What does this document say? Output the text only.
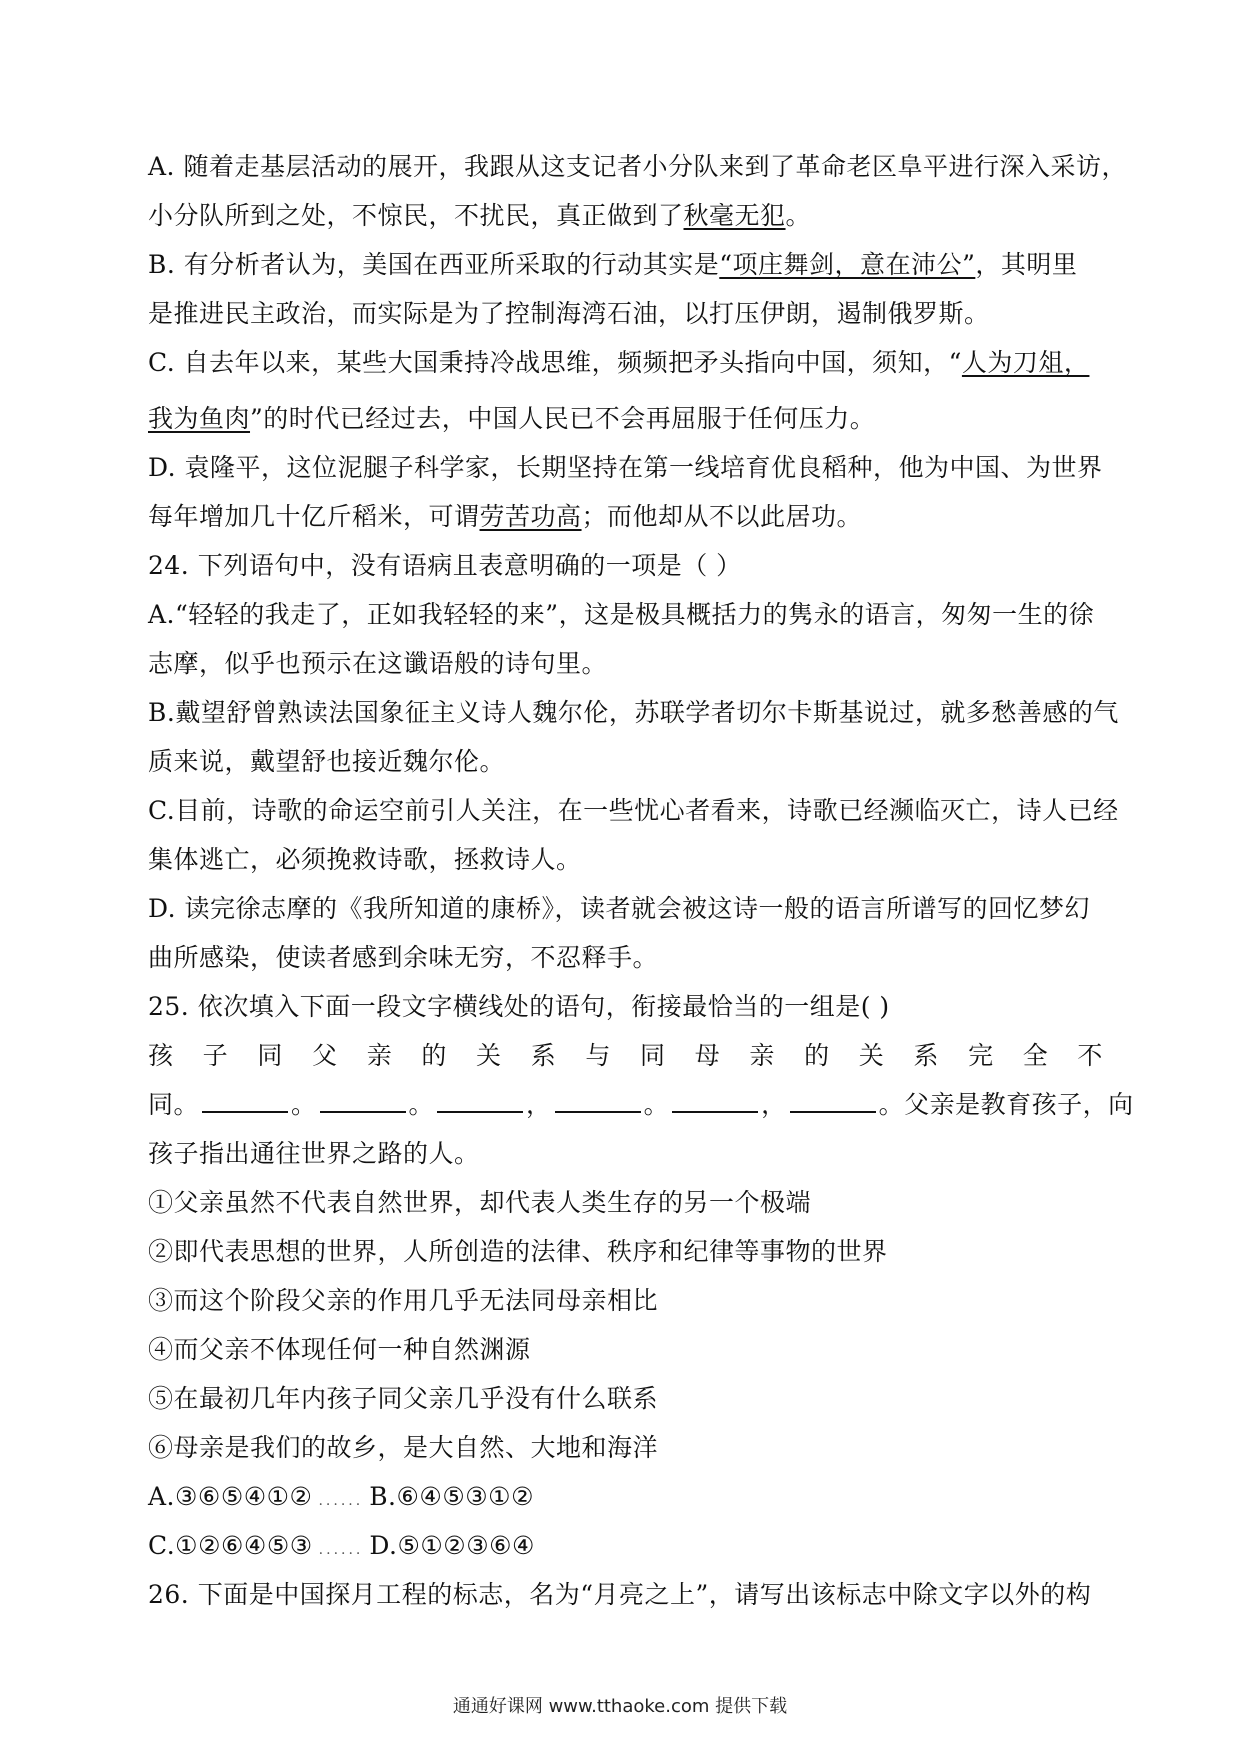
A. 随着走基层活动的展开，我跟从这支记者小分队来到了革命老区阜平进行深入采访，

小分队所到之处，不惊民，不扰民，真正做到了秋毫无犯。

B. 有分析者认为，美国在西亚所采取的行动其实是“项庄舞剑，意在沛公”，其明里

是推进民主政治，而实际是为了控制海湾石油，以打压伊朗，遏制俄罗斯。

C. 自去年以来，某些大国秉持冷战思维，频频把矛头指向中国，须知，“人为刀俎，

我为鱼肉”的时代已经过去，中国人民已不会再屈服于任何压力。

D. 袁隆平，这位泥腿子科学家，长期坚持在第一线培育优良稻种，他为中国、为世界

每年增加几十亿斤稻米，可谓劳苦功高；而他却从不以此居功。

24. 下列语句中，没有语病且表意明确的一项是（ ）

A.“轻轻的我走了，正如我轻轻的来”，这是极具概括力的隽永的语言，匆匆一生的徐

志摩，似乎也预示在这谶语般的诗句里。

B.戴望舒曾熟读法国象征主义诗人魏尔伦，苏联学者切尔卡斯基说过，就多愁善感的气

质来说，戴望舒也接近魏尔伦。

C.目前，诗歌的命运空前引人关注，在一些忧心者看来，诗歌已经濒临灭亡，诗人已经

集体逃亡，必须挽救诗歌，拯救诗人。

D. 读完徐志摩的《我所知道的康桥》，读者就会被这诗一般的语言所谱写的回忆梦幻

曲所感染，使读者感到余味无穷，不忍释手。

25. 依次填入下面一段文字横线处的语句，衔接最恰当的一组是( )

孩 子 同 父 亲 的 关 系 与 同 母 亲 的 关 系 完 全 不

同。	。	。	，	。	，	。父亲是教育孩子，向

孩子指出通往世界之路的人。

①父亲虽然不代表自然世界，却代表人类生存的另一个极端

②即代表思想的世界，人所创造的法律、秩序和纪律等事物的世界

③而这个阶段父亲的作用几乎无法同母亲相比

④而父亲不体现任何一种自然渊源

⑤在最初几年内孩子同父亲几乎没有什么联系

⑥母亲是我们的故乡，是大自然、大地和海洋

A.③⑥⑤④①② ...... B.⑥④⑤③①②

C.①②⑥④⑤③ ...... D.⑤①②③⑥④

26. 下面是中国探月工程的标志，名为“月亮之上”，请写出该标志中除文字以外的构

通通好课网 www.tthaoke.com 提供下载
